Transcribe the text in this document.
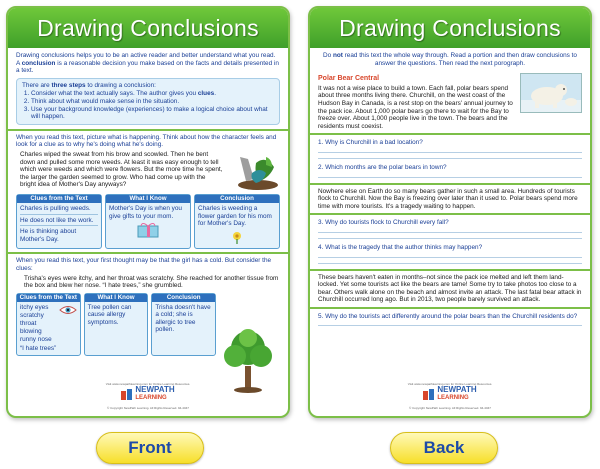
Drawing Conclusions

Drawing conclusions helps you to be an active reader and better understand what you read. A conclusion is a reasonable decision you make based on the facts and details presented in a text.

There are three steps to drawing a conclusion:

1. Consider what the text actually says. The author gives you clues.
2. Think about what would make sense in the situation.
3. Use your background knowledge (experiences) to make a logical choice about what will happen.

When you read this text, picture what is happening. Think about how the character feels and look for a clue as to why he's doing what he's doing.

Charles wiped the sweat from his brow and scowled. Then he bent down and pulled some more weeds. At least it was easy enough to tell which were weeds and which were flowers. But the more time he spent, the larger the garden seemed to grow. Who had come up with the bright idea of Mother's Day anyways?

Clues from the Text

Charles is pulling weeds.

He does not like the work.

He is thinking about Mother's Day.

What I Know

Mother's Day is when you give gifts to your mom.

Conclusion

Charles is weeding a flower garden for his mom for Mother's Day.

When you read this text, your first thought may be that the girl has a cold. But consider the clues:

Trisha's eyes were itchy, and her throat was scratchy. She reached for another tissue from the box and blew her nose. “I hate trees,” she grumbled.

Clues from the Text

itchy eyes

scratchy throat

blowing runny nose

“I hate trees”

What I Know

Tree pollen can cause allergy symptoms.

Conclusion

Trisha doesn't have a cold; she is allergic to tree pollen.

Visit www.newpathlearning.com for Online Learning Resources.
NEWPATH
LEARNING
© Copyright NewPath Learning. All Rights Reserved. 94-4047
Drawing Conclusions

Do not read this text the whole way through. Read a portion and then draw conclusions to answer the questions. Then read the next porograph.

Polar Bear Central

It was not a wise place to build a town. Each fall, polar bears spend about three months living there. Churchill, on the west coast of the Hudson Bay in Canada, is a rest stop on the bears' annual journey to the pack ice. About 1,000 polar bears go there to wait for the Bay to freeze over. About 1,000 people live in the town. The bears and the residents must coexist.

1. Why is Churchill in a bad location?

2. Which months are the polar bears in town?

Nowhere else on Earth do so many bears gather in such a small area. Hundreds of tourists flock to Churchill. Now the Bay is freezing over later than it used to. Polar bears spend more time with more tourists. It's a tragedy waiting to happen.

3. Why do tourists flock to Churchill every fall?

4. What is the tragedy that the author thinks may happen?

These bears haven't eaten in months–not since the pack ice melted and left them land-locked. Yet some tourists act like the bears are tame! Some try to take photos too close to a bear. Others walk alone on the beach and almost invite an attack. The last fatal bear attack in Churchill occurred long ago. But in 2013, two people barely survived an attack.

5. Why do the tourists act differently around the polar bears than the Churchill residents do?

Visit www.newpathlearning.com for Online Learning Resources.
NEWPATH
LEARNING
© Copyright NewPath Learning. All Rights Reserved. 94-4047
Front	Back
